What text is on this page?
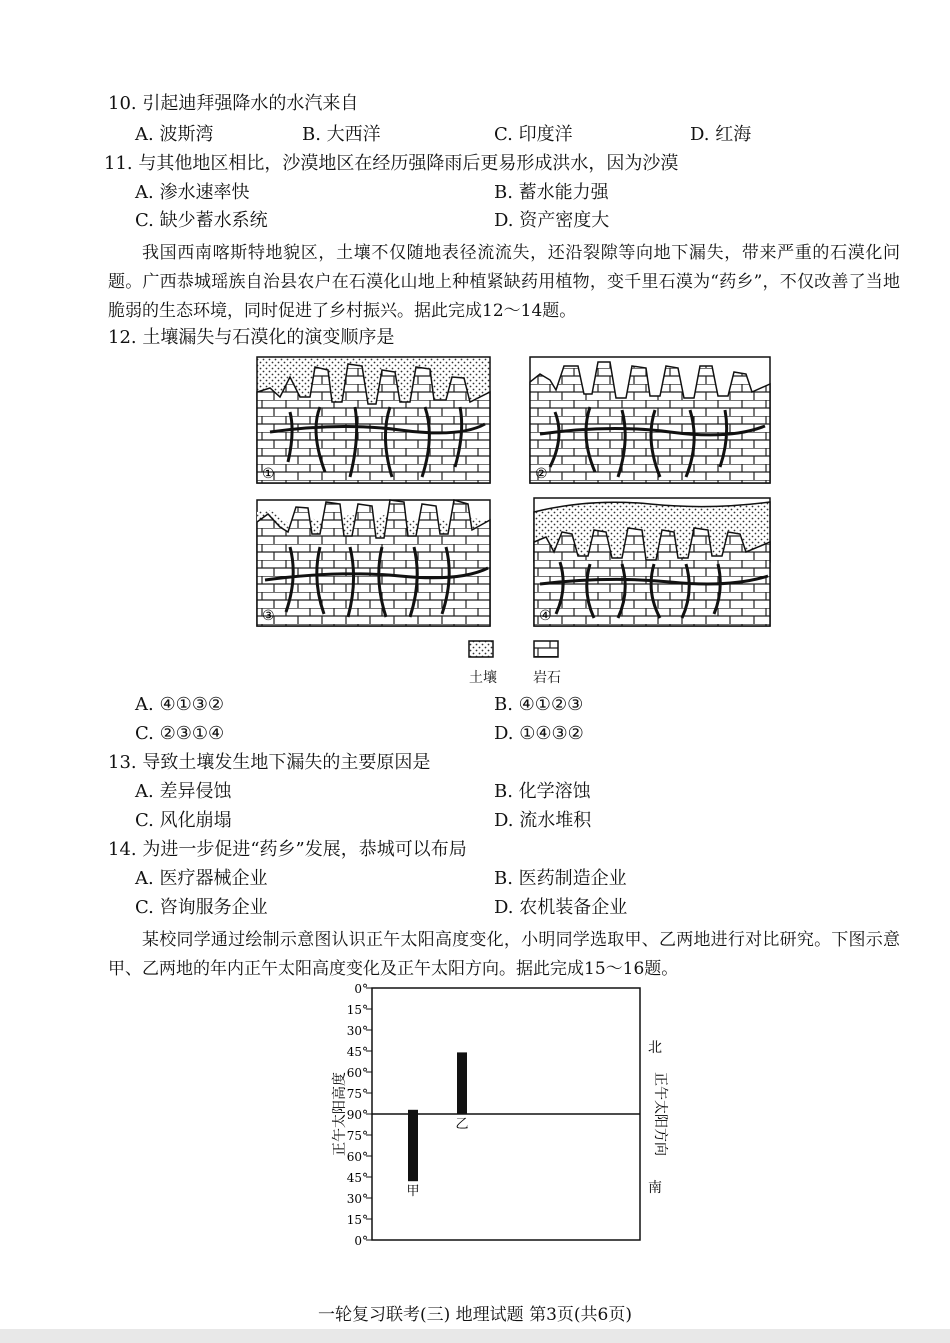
10. 引起迪拜强降水的水汽来自
A. 波斯湾	B. 大西洋	C. 印度洋	D. 红海
11. 与其他地区相比，沙漠地区在经历强降雨后更易形成洪水，因为沙漠
A. 渗水速率快	B. 蓄水能力强
C. 缺少蓄水系统	D. 资产密度大
我国西南喀斯特地貌区，土壤不仅随地表径流流失，还沿裂隙等向地下漏失，带来严重的石漠化问题。广西恭城瑶族自治县农户在石漠化山地上种植紧缺药用植物，变千里石漠为“药乡”，不仅改善了当地脆弱的生态环境，同时促进了乡村振兴。据此完成12～14题。
12. 土壤漏失与石漠化的演变顺序是
①	②
③	④
土壤	岩石
A. ④①③②	B. ④①②③
C. ②③①④	D. ①④③②
13. 导致土壤发生地下漏失的主要原因是
A. 差异侵蚀	B. 化学溶蚀
C. 风化崩塌	D. 流水堆积
14. 为进一步促进“药乡”发展，恭城可以布局
A. 医疗器械企业	B. 医药制造企业
C. 咨询服务企业	D. 农机装备企业
某校同学通过绘制示意图认识正午太阳高度变化，小明同学选取甲、乙两地进行对比研究。下图示意甲、乙两地的年内正午太阳高度变化及正午太阳方向。据此完成15～16题。
0°
15°
30°
45°
60°
75°
90°
75°
60°
45°
30°
15°
0°
甲
乙
正午太阳高度	正午太阳方向
北
南
一轮复习联考(三) 地理试题 第3页(共6页)
